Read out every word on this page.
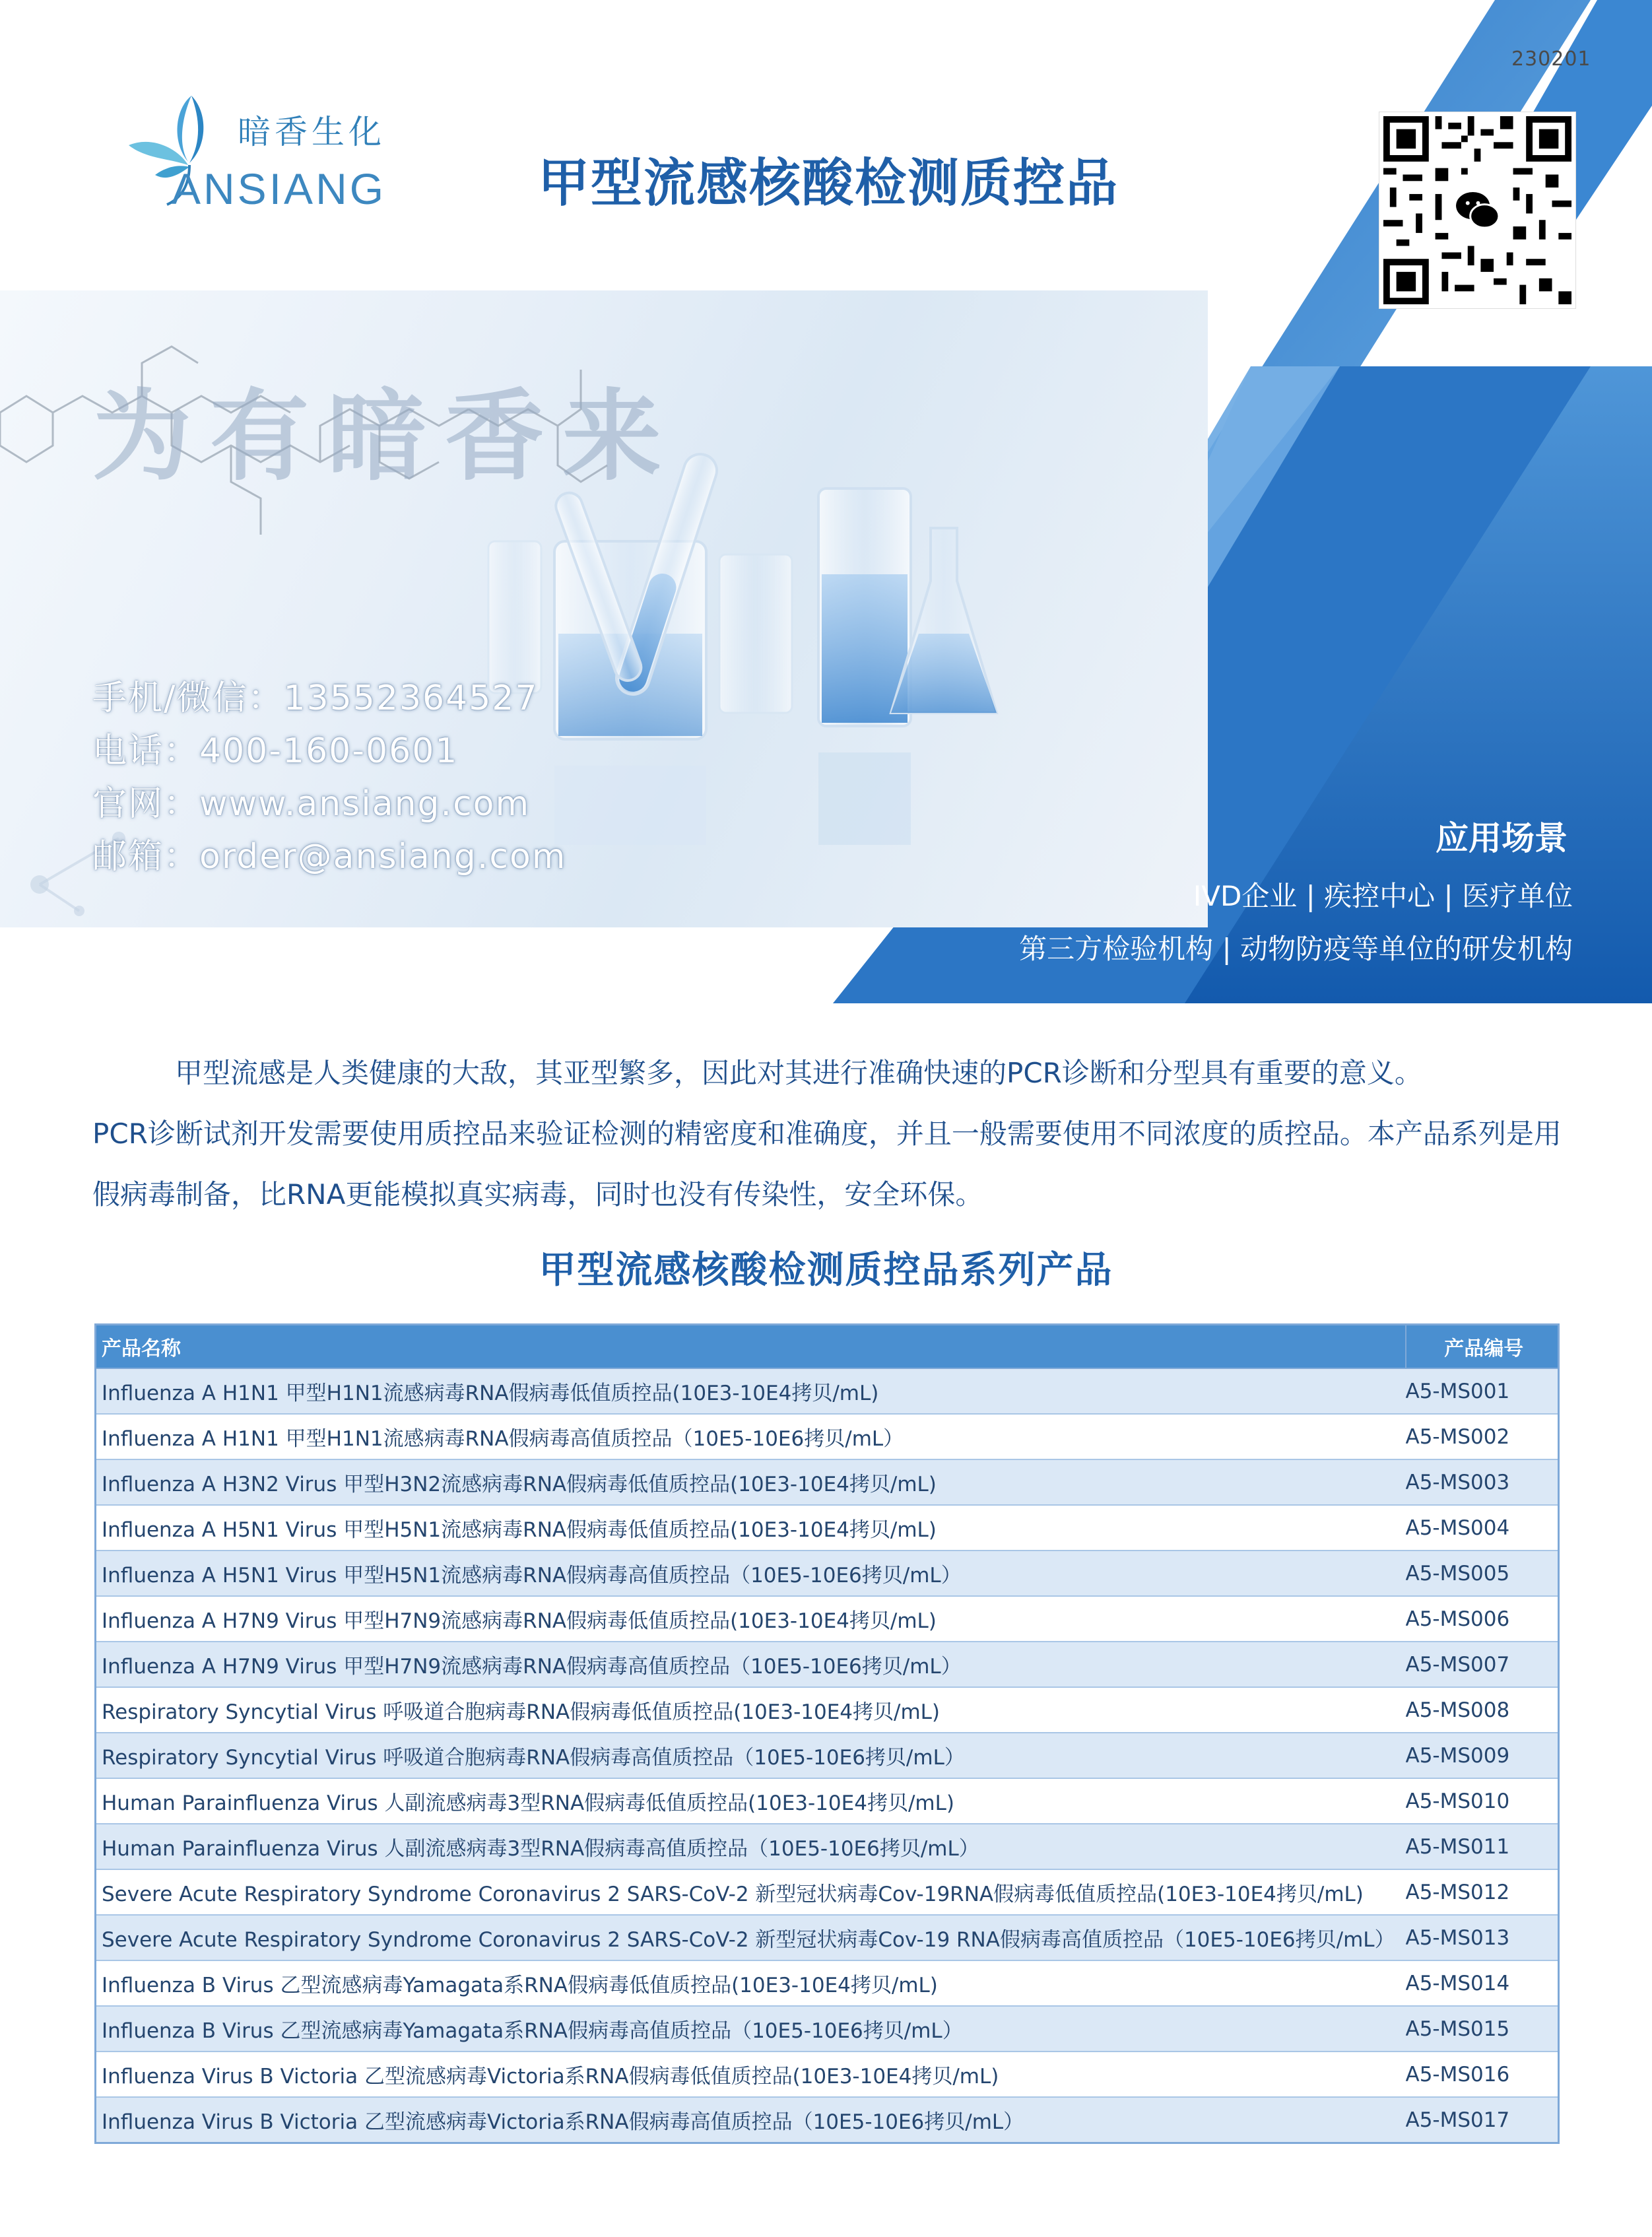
230201
暗香生化
ANSIANG	甲型流感核酸检测质控品
为有暗香来
手机/微信：13552364527
电话：400-160-0601
官网：www.ansiang.com
邮箱：order@ansiang.com	应用场景
IVD企业 | 疾控中心 | 医疗单位
第三方检验机构 | 动物防疫等单位的研发机构
甲型流感是人类健康的大敌，其亚型繁多，因此对其进行准确快速的PCR诊断和分型具有重要的意义。
PCR诊断试剂开发需要使用质控品来验证检测的精密度和准确度，并且一般需要使用不同浓度的质控品。本产品系列是用假病毒制备，比RNA更能模拟真实病毒，同时也没有传染性，安全环保。
甲型流感核酸检测质控品系列产品
产品名称	产品编号
Influenza A H1N1 甲型H1N1流感病毒RNA假病毒低值质控品(10E3-10E4拷贝/mL)	A5-MS001
Influenza A H1N1 甲型H1N1流感病毒RNA假病毒高值质控品（10E5-10E6拷贝/mL）	A5-MS002
Influenza A H3N2 Virus 甲型H3N2流感病毒RNA假病毒低值质控品(10E3-10E4拷贝/mL)	A5-MS003
Influenza A H5N1 Virus 甲型H5N1流感病毒RNA假病毒低值质控品(10E3-10E4拷贝/mL)	A5-MS004
Influenza A H5N1 Virus 甲型H5N1流感病毒RNA假病毒高值质控品（10E5-10E6拷贝/mL）	A5-MS005
Influenza A H7N9 Virus 甲型H7N9流感病毒RNA假病毒低值质控品(10E3-10E4拷贝/mL)	A5-MS006
Influenza A H7N9 Virus 甲型H7N9流感病毒RNA假病毒高值质控品（10E5-10E6拷贝/mL）	A5-MS007
Respiratory Syncytial Virus 呼吸道合胞病毒RNA假病毒低值质控品(10E3-10E4拷贝/mL)	A5-MS008
Respiratory Syncytial Virus 呼吸道合胞病毒RNA假病毒高值质控品（10E5-10E6拷贝/mL）	A5-MS009
Human Parainfluenza Virus 人副流感病毒3型RNA假病毒低值质控品(10E3-10E4拷贝/mL)	A5-MS010
Human Parainfluenza Virus 人副流感病毒3型RNA假病毒高值质控品（10E5-10E6拷贝/mL）	A5-MS011
Severe Acute Respiratory Syndrome Coronavirus 2 SARS-CoV-2 新型冠状病毒Cov-19RNA假病毒低值质控品(10E3-10E4拷贝/mL)	A5-MS012
Severe Acute Respiratory Syndrome Coronavirus 2 SARS-CoV-2 新型冠状病毒Cov-19 RNA假病毒高值质控品（10E5-10E6拷贝/mL）	A5-MS013
Influenza B Virus 乙型流感病毒Yamagata系RNA假病毒低值质控品(10E3-10E4拷贝/mL)	A5-MS014
Influenza B Virus 乙型流感病毒Yamagata系RNA假病毒高值质控品（10E5-10E6拷贝/mL）	A5-MS015
Influenza Virus B Victoria 乙型流感病毒Victoria系RNA假病毒低值质控品(10E3-10E4拷贝/mL)	A5-MS016
Influenza Virus B Victoria 乙型流感病毒Victoria系RNA假病毒高值质控品（10E5-10E6拷贝/mL）	A5-MS017
